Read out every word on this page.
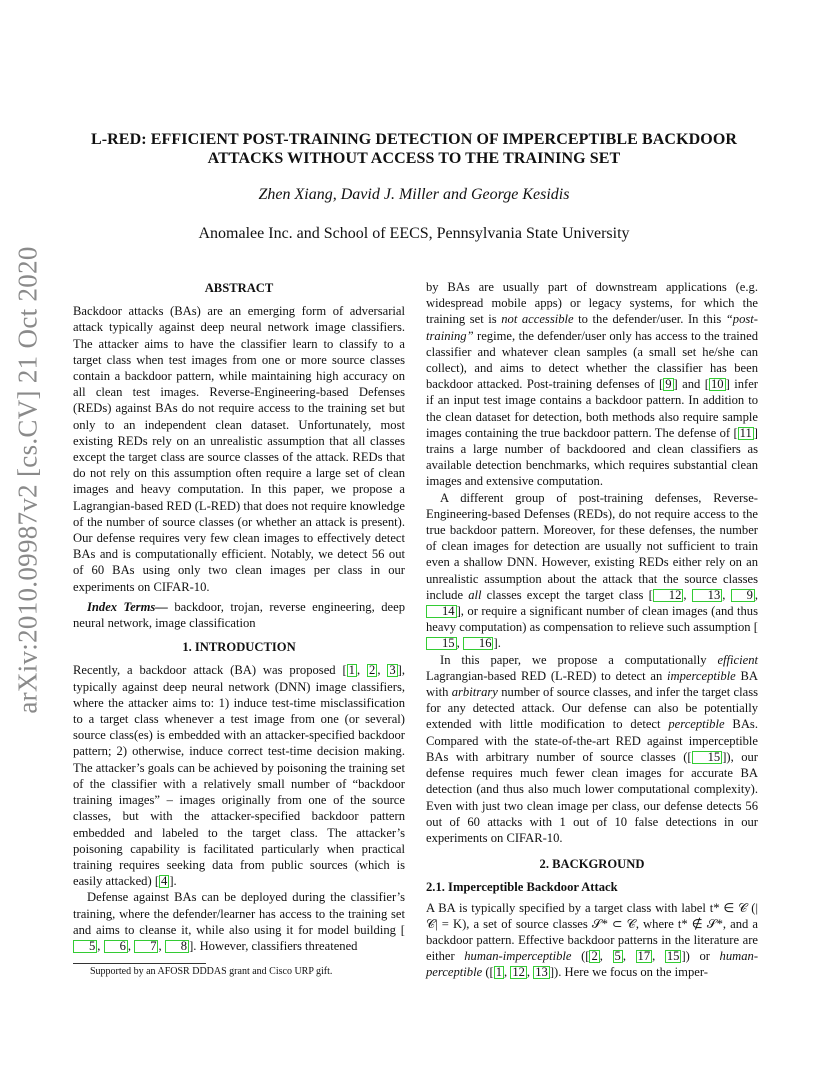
arXiv:2010.09987v2 [cs.CV] 21 Oct 2020
L-RED: EFFICIENT POST-TRAINING DETECTION OF IMPERCEPTIBLE BACKDOOR
ATTACKS WITHOUT ACCESS TO THE TRAINING SET

Zhen Xiang, David J. Miller and George Kesidis

Anomalee Inc. and School of EECS, Pennsylvania State University

ABSTRACT

Backdoor attacks (BAs) are an emerging form of adversarial attack typically against deep neural network image classifiers. The attacker aims to have the classifier learn to classify to a target class when test images from one or more source classes contain a backdoor pattern, while maintaining high accuracy on all clean test images. Reverse-Engineering-based Defenses (REDs) against BAs do not require access to the training set but only to an independent clean dataset. Unfortunately, most existing REDs rely on an unrealistic assumption that all classes except the target class are source classes of the attack. REDs that do not rely on this assumption often require a large set of clean images and heavy computation. In this paper, we propose a Lagrangian-based RED (L-RED) that does not require knowledge of the number of source classes (or whether an attack is present). Our defense requires very few clean images to effectively detect BAs and is computationally efficient. Notably, we detect 56 out of 60 BAs using only two clean images per class in our experiments on CIFAR-10.

Index Terms— backdoor, trojan, reverse engineering, deep neural network, image classification

1. INTRODUCTION

Recently, a backdoor attack (BA) was proposed [ 1 , 2 , 3 ], typically against deep neural network (DNN) image classifiers, where the attacker aims to: 1) induce test-time misclassification to a target class whenever a test image from one (or several) source class(es) is embedded with an attacker-specified backdoor pattern; 2) otherwise, induce correct test-time decision making. The attacker’s goals can be achieved by poisoning the training set of the classifier with a relatively small number of “backdoor training images” – images originally from one of the source classes, but with the attacker-specified backdoor pattern embedded and labeled to the target class. The attacker’s poisoning capability is facilitated particularly when practical training requires seeking data from public sources (which is easily attacked) [ 4 ].

Defense against BAs can be deployed during the classifier’s training, where the defender/learner has access to the training set and aims to cleanse it, while also using it for model building [5 , 6 , 7 , 8 ]. However, classifiers threatened

by BAs are usually part of downstream applications (e.g. widespread mobile apps) or legacy systems, for which the training set is not accessible to the defender/user. In this “post-training” regime, the defender/user only has access to the trained classifier and whatever clean samples (a small set he/she can collect), and aims to detect whether the classifier has been backdoor attacked. Post-training defenses of [ 9 ] and [ 10 ] infer if an input test image contains a backdoor pattern. In addition to the clean dataset for detection, both methods also require sample images containing the true backdoor pattern. The defense of [ 11 ] trains a large number of backdoored and clean classifiers as available detection benchmarks, which requires substantial clean images and extensive computation.

A different group of post-training defenses, Reverse-Engineering-based Defenses (REDs), do not require access to the true backdoor pattern. Moreover, for these defenses, the number of clean images for detection are usually not sufficient to train even a shallow DNN. However, existing REDs either rely on an unrealistic assumption about the attack that the source classes include all classes except the target class [ 12 , 13 , 9 , 14 ], or require a significant number of clean images (and thus heavy computation) as compensation to relieve such assumption [15 , 16 ].

In this paper, we propose a computationally efficient Lagrangian-based RED (L-RED) to detect an imperceptible BA with arbitrary number of source classes, and infer the target class for any detected attack. Our defense can also be potentially extended with little modification to detect perceptible BAs. Compared with the state-of-the-art RED against imperceptible BAs with arbitrary number of source classes ([ 15 ]), our defense requires much fewer clean images for accurate BA detection (and thus also much lower computational complexity). Even with just two clean image per class, our defense detects 56 out of 60 attacks with 1 out of 10 false detections in our experiments on CIFAR-10.

2. BACKGROUND
2.1. Imperceptible Backdoor Attack

A BA is typically specified by a target class with label t* ∈ 𝒞 (|𝒞| = K), a set of source classes 𝒮* ⊂ 𝒞, where t* ∉ 𝒮*, and a backdoor pattern. Effective backdoor patterns in the literature are either human-imperceptible ([ 2 , 5 , 17 , 15 ]) or human-perceptible ([ 1 , 12 , 13 ]). Here we focus on the imper-

Supported by an AFOSR DDDAS grant and Cisco URP gift.
